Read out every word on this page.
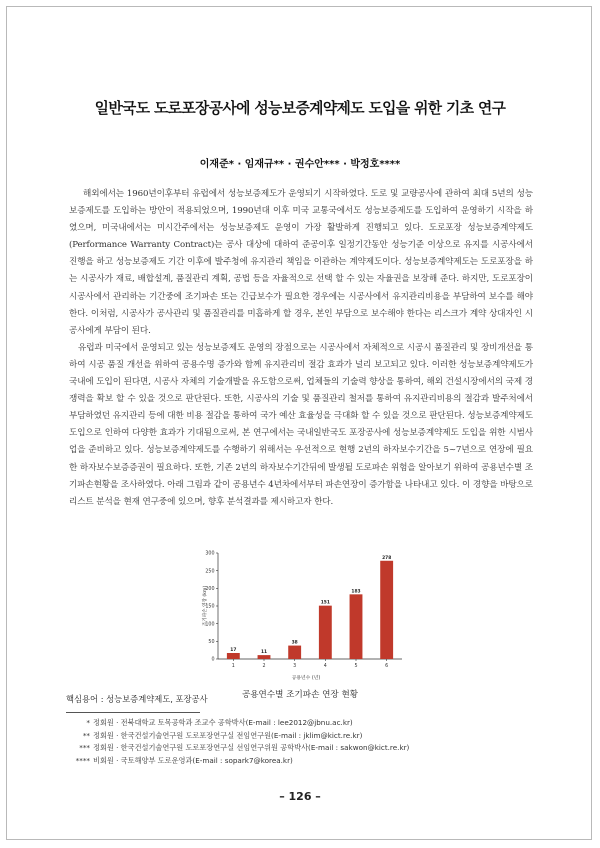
일반국도 도로포장공사에 성능보증계약제도 도입을 위한 기초 연구
이재준* · 임재규** · 권수안*** · 박정호****

해외에서는 1960년이후부터 유럽에서 성능보증제도가 운영되기 시작하였다. 도로 및 교량공사에 관하여 최대 5년의 성능보증제도를 도입하는 방안이 적용되었으며, 1990년대 이후 미국 교통국에서도 성능보증제도를 도입하여 운영하기 시작을 하였으며, 미국내에서는 미시간주에서는 성능보증제도 운영이 가장 활발하게 진행되고 있다. 도로포장 성능보증계약제도(Performance Warranty Contract)는 공사 대상에 대하여 준공이후 일정기간동안 성능기준 이상으로 유지를 시공사에서 진행을 하고 성능보증제도 기간 이후에 발주청에 유지관리 책임을 이관하는 계약제도이다. 성능보증계약제도는 도로포장을 하는 시공사가 재료, 배합설계, 품질관리 계획, 공법 등을 자율적으로 선택 할 수 있는 자율권을 보장해 준다. 하지만, 도로포장이 시공사에서 관리하는 기간중에 조기파손 또는 긴급보수가 필요한 경우에는 시공사에서 유지관리비용을 부담하여 보수를 해야 한다. 이처럼, 시공사가 공사관리 및 품질관리를 미흡하게 할 경우, 본인 부담으로 보수해야 한다는 리스크가 계약 상대자인 시공사에게 부담이 된다.

유럽과 미국에서 운영되고 있는 성능보증제도 운영의 장점으로는 시공사에서 자체적으로 시공시 품질관리 및 장비개선을 통하여 시공 품질 개선을 위하여 공용수명 증가와 함께 유지관리비 절감 효과가 널리 보고되고 있다. 이러한 성능보증계약제도가 국내에 도입이 된다면, 시공사 자체의 기술개발을 유도함으로써, 업체들의 기술력 향상을 통하여, 해외 건설시장에서의 국제 경쟁력을 확보 할 수 있을 것으로 판단된다. 또한, 시공사의 기술 및 품질관리 철저를 통하여 유지관리비용의 절감과 발주처에서 부담하였던 유지관리 등에 대한 비용 절감을 통하여 국가 예산 효율성을 극대화 할 수 있을 것으로 판단된다. 성능보증계약제도 도입으로 인하여 다양한 효과가 기대됨으로써, 본 연구에서는 국내일반국도 포장공사에 성능보증계약제도 도입을 위한 시범사업을 준비하고 있다. 성능보증계약제도를 수행하기 위해서는 우선적으로 현행 2년의 하자보수기간을 5~7년으로 연장에 필요한 하자보수보증증권이 필요하다. 또한, 기존 2년의 하자보수기간뒤에 발생될 도로파손 위험을 알아보기 위하여 공용년수별 조기파손현황을 조사하였다. 아래 그림과 같이 공용년수 4년차에서부터 파손연장이 증가함을 나타내고 있다. 이 경향을 바탕으로 리스트 분석을 현재 연구중에 있으며, 향후 분석결과를 제시하고자 한다.

0
50
100
150
200
250
300
17	11
38
151
183
278
1	2	3	4	5	6
공용년수 (년)
조기파손 연장 (km)
공용연수별 조기파손 연장 현황
핵심용어 : 성능보증계약제도, 포장공사
* 정회원 · 전북대학교 토목공학과 조교수 공학박사(E-mail : lee2012@jbnu.ac.kr)
** 정회원 · 한국건설기술연구원 도로포장연구실 전임연구원(E-mail : jklim@kict.re.kr)
*** 정회원 · 한국건설기술연구원 도로포장연구실 선임연구위원 공학박사(E-mail : sakwon@kict.re.kr)
**** 비회원 · 국토해양부 도로운영과(E-mail : sopark7@korea.kr)
– 126 –
